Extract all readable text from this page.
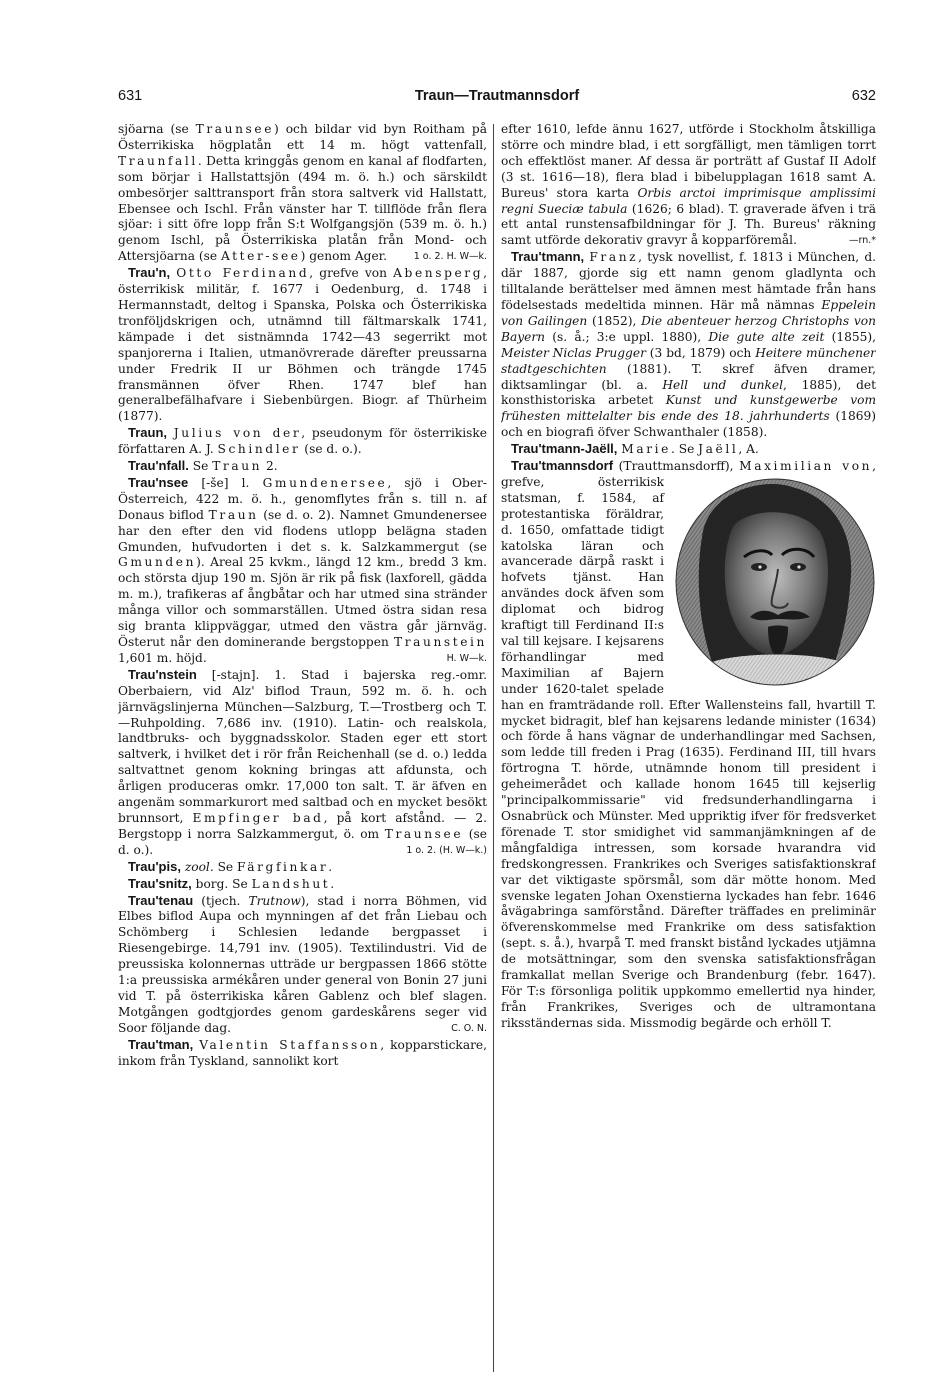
631	Traun—Trautmannsdorf	632

sjöarna (se Traunsee) och bildar vid byn Roitham på Österrikiska högplatån ett 14 m. högt vattenfall, Traunfall. Detta kringgås genom en kanal af flodfarten, som börjar i Hallstattsjön (494 m. ö. h.) och särskildt ombesörjer salttransport från stora saltverk vid Hallstatt, Ebensee och Ischl. Från vänster har T. tillflöde från flera sjöar: i sitt öfre lopp från S:t Wolfgangsjön (539 m. ö. h.) genom Ischl, på Österrikiska platån från Mond- och Attersjöarna (se Atter-see) genom Ager.	1 o. 2. H. W—k.

Trau'n, Otto Ferdinand, grefve von Abensperg, österrikisk militär, f. 1677 i Oedenburg, d. 1748 i Hermannstadt, deltog i Spanska, Polska och Österrikiska tronföljdskrigen och, utnämnd till fältmarskalk 1741, kämpade i det sistnämnda 1742—43 segerrikt mot spanjorerna i Italien, utmanövrerade därefter preussarna under Fredrik II ur Böhmen och trängde 1745 fransmännen öfver Rhen. 1747 blef han generalbefälhafvare i Siebenbürgen. Biogr. af Thürheim (1877).

Traun, Julius von der, pseudonym för österrikiske författaren A. J. Schindler (se d. o.).

Trau'nfall. Se Traun 2.

Trau'nsee [-še] l. Gmundenersee, sjö i Ober-Österreich, 422 m. ö. h., genomflytes från s. till n. af Donaus biflod Traun (se d. o. 2). Namnet Gmundenersee har den efter den vid flodens utlopp belägna staden Gmunden, hufvudorten i det s. k. Salzkammergut (se Gmunden). Areal 25 kvkm., längd 12 km., bredd 3 km. och största djup 190 m. Sjön är rik på fisk (laxforell, gädda m. m.), trafikeras af ångbåtar och har utmed sina stränder många villor och sommarställen. Utmed östra sidan resa sig branta klippväggar, utmed den västra går järnväg. Österut når den dominerande bergstoppen Traunstein 1,601 m. höjd.	H. W—k.

Trau'nstein [-stajn]. 1. Stad i bajerska reg.-omr. Oberbaiern, vid Alz' biflod Traun, 592 m. ö. h. och järnvägslinjerna München—Salzburg, T.—Trostberg och T.—Ruhpolding. 7,686 inv. (1910). Latin- och realskola, landtbruks- och byggnadsskolor. Staden eger ett stort saltverk, i hvilket det i rör från Reichenhall (se d. o.) ledda saltvattnet genom kokning bringas att afdunsta, och årligen produceras omkr. 17,000 ton salt. T. är äfven en angenäm sommarkurort med saltbad och en mycket besökt brunnsort, Empfinger bad, på kort afstånd. — 2. Bergstopp i norra Salzkammergut, ö. om Traunsee (se d. o.).	1 o. 2. (H. W—k.)

Trau'pis, zool. Se Färgfinkar.

Trau'snitz, borg. Se Landshut.

Trau'tenau (tjech. Trutnow), stad i norra Böhmen, vid Elbes biflod Aupa och mynningen af det från Liebau och Schömberg i Schlesien ledande bergpasset i Riesengebirge. 14,791 inv. (1905). Textilindustri. Vid de preussiska kolonnernas utträde ur bergpassen 1866 stötte 1:a preussiska armékåren under general von Bonin 27 juni vid T. på österrikiska kåren Gablenz och blef slagen. Motgången godtgjordes genom gardeskårens seger vid Soor följande dag.	C. O. N.

Trau'tman, Valentin Staffansson, kopparstickare, inkom från Tyskland, sannolikt kort

efter 1610, lefde ännu 1627, utförde i Stockholm åtskilliga större och mindre blad, i ett sorgfälligt, men tämligen torrt och effektlöst maner. Af dessa är porträtt af Gustaf II Adolf (3 st. 1616—18), flera blad i bibelupplagan 1618 samt A. Bureus' stora karta Orbis arctoi imprimisque amplissimi regni Sueciæ tabula (1626; 6 blad). T. graverade äfven i trä ett antal runstensafbildningar för J. Th. Bureus' räkning samt utförde dekorativ gravyr å kopparföremål.	—rn.*

Trau'tmann, Franz, tysk novellist, f. 1813 i München, d. där 1887, gjorde sig ett namn genom gladlynta och tilltalande berättelser med ämnen mest hämtade från hans födelsestads medeltida minnen. Här må nämnas Eppelein von Gailingen (1852), Die abenteuer herzog Christophs von Bayern (s. å.; 3:e uppl. 1880), Die gute alte zeit (1855), Meister Niclas Prugger (3 bd, 1879) och Heitere münchener stadtgeschichten (1881). T. skref äfven dramer, diktsamlingar (bl. a. Hell und dunkel, 1885), det konsthistoriska arbetet Kunst und kunstgewerbe vom frühesten mittelalter bis ende des 18. jahrhunderts (1869) och en biografi öfver Schwanthaler (1858).

Trau'tmann-Jaëll, Marie. Se Jaëll, A.

Trau'tmannsdorf (Trauttmansdorff), Maximilian von
, grefve, österrikisk statsman, f. 1584, af protestantiska föräldrar, d. 1650, omfattade tidigt katolska läran och avancerade därpå raskt i hofvets tjänst. Han användes dock äfven som diplomat och bidrog kraftigt till Ferdinand II:s val till kejsare. I kejsarens förhandlingar med Maximilian af Bajern under 1620-talet spelade han en framträdande roll. Efter Wallensteins fall, hvartill T. mycket bidragit, blef han kejsarens ledande minister (1634) och förde å hans vägnar de underhandlingar med Sachsen, som ledde till freden i Prag (1635). Ferdinand III, till hvars förtrogna T. hörde, utnämnde honom till president i geheimerådet och kallade honom 1645 till kejserlig "principalkommissarie" vid fredsunderhandlingarna i Osnabrück och Münster. Med uppriktig ifver för fredsverket förenade T. stor smidighet vid sammanjämkningen af de mångfaldiga intressen, som korsade hvarandra vid fredskongressen. Frankrikes och Sveriges satisfaktionskraf var det viktigaste spörsmål, som där mötte honom. Med svenske legaten Johan Oxenstierna lyckades han febr. 1646 åvägabringa samförstånd. Därefter träffades en preliminär öfverenskommelse med Frankrike om dess satisfaktion (sept. s. å.), hvarpå T. med franskt bistånd lyckades utjämna de motsättningar, som den svenska satisfaktionsfrågan framkallat mellan Sverige och Brandenburg (febr. 1647). För T:s försonliga politik uppkommo emellertid nya hinder, från Frankrikes, Sveriges och de ultramontana riksständernas sida. Missmodig begärde och erhöll T.
